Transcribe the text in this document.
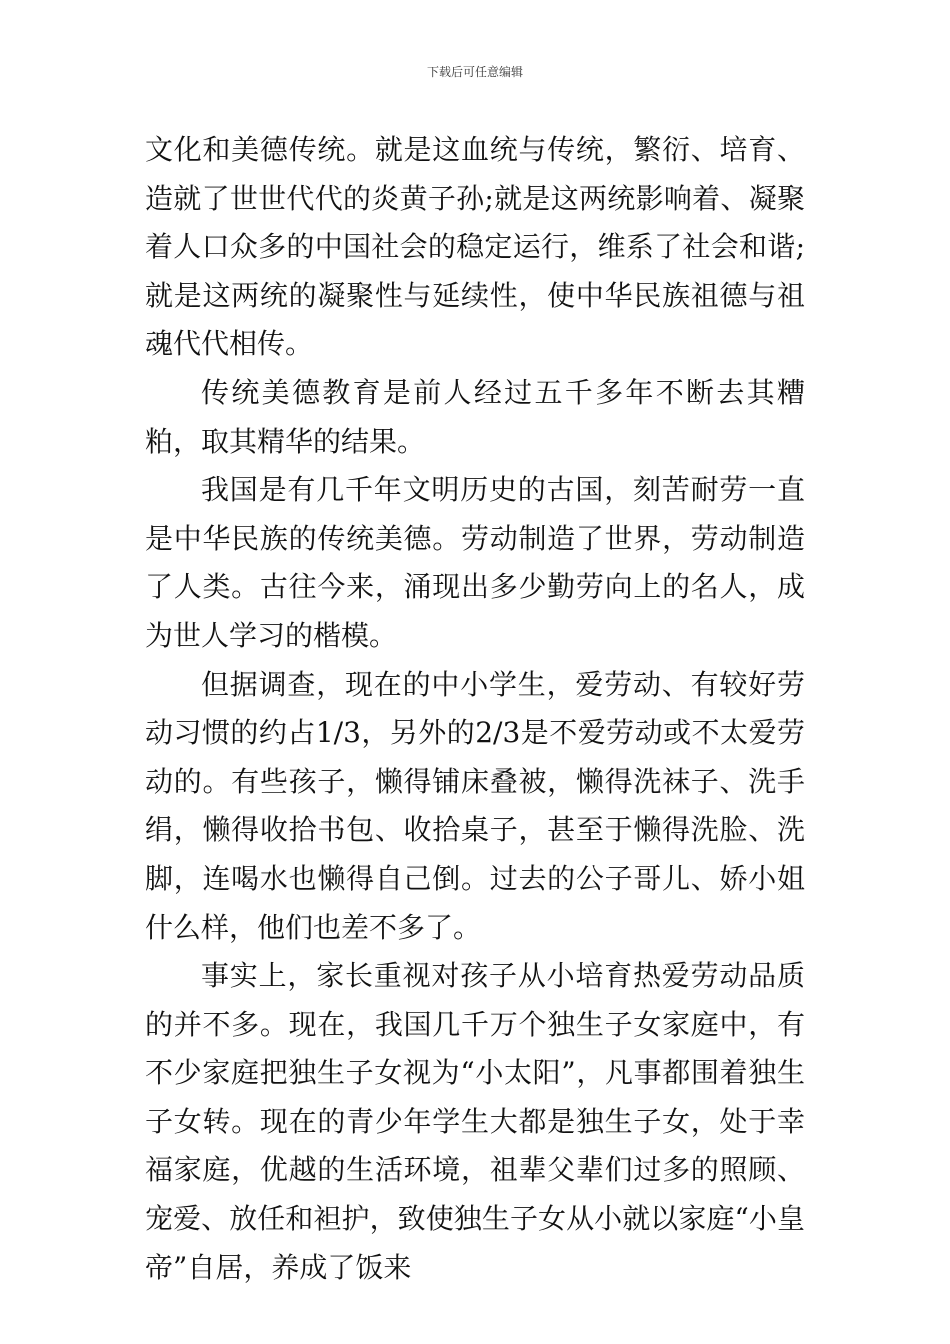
下载后可任意编辑

文化和美德传统。就是这血统与传统，繁衍、培育、造就了世世代代的炎黄子孙;就是这两统影响着、凝聚着人口众多的中国社会的稳定运行，维系了社会和谐;就是这两统的凝聚性与延续性，使中华民族祖德与祖魂代代相传。

传统美德教育是前人经过五千多年不断去其糟粕，取其精华的结果。

我国是有几千年文明历史的古国，刻苦耐劳一直是中华民族的传统美德。劳动制造了世界，劳动制造了人类。古往今来，涌现出多少勤劳向上的名人，成为世人学习的楷模。

但据调查，现在的中小学生，爱劳动、有较好劳动习惯的约占1/3，另外的2/3是不爱劳动或不太爱劳动的。有些孩子，懒得铺床叠被，懒得洗袜子、洗手绢，懒得收拾书包、收拾桌子，甚至于懒得洗脸、洗脚，连喝水也懒得自己倒。过去的公子哥儿、娇小姐什么样，他们也差不多了。

事实上，家长重视对孩子从小培育热爱劳动品质的并不多。现在，我国几千万个独生子女家庭中，有不少家庭把独生子女视为“小太阳”，凡事都围着独生子女转。现在的青少年学生大都是独生子女，处于幸福家庭，优越的生活环境，祖辈父辈们过多的照顾、宠爱、放任和袒护，致使独生子女从小就以家庭“小皇帝”自居，养成了饭来
